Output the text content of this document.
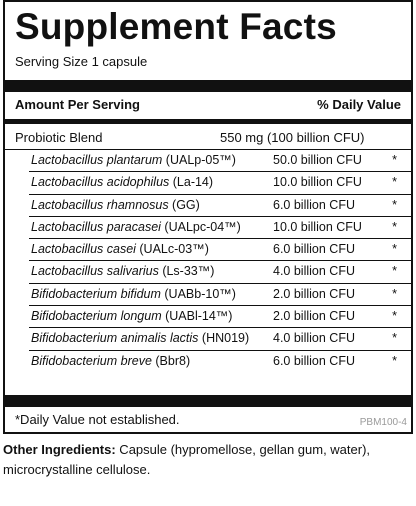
Supplement Facts
Serving Size 1 capsule
Amount Per Serving	% Daily Value
Probiotic Blend	550 mg (100 billion CFU)
Lactobacillus plantarum (UALp-05™)	50.0 billion CFU *
Lactobacillus acidophilus (La-14)	10.0 billion CFU *
Lactobacillus rhamnosus (GG)	6.0 billion CFU	*
Lactobacillus paracasei (UALpc-04™)	10.0 billion CFU *
Lactobacillus casei (UALc-03™)	6.0 billion CFU	*
Lactobacillus salivarius (Ls-33™)	4.0 billion CFU	*
Bifidobacterium bifidum (UABb-10™)	2.0 billion CFU	*
Bifidobacterium longum (UABl-14™)	2.0 billion CFU	*
Bifidobacterium animalis lactis (HN019) 4.0 billion CFU	*
Bifidobacterium breve (Bbr8)	6.0 billion CFU	*
*Daily Value not established.	PBM100-4
Other Ingredients: Capsule (hypromellose, gellan gum, water), microcrystalline cellulose.
